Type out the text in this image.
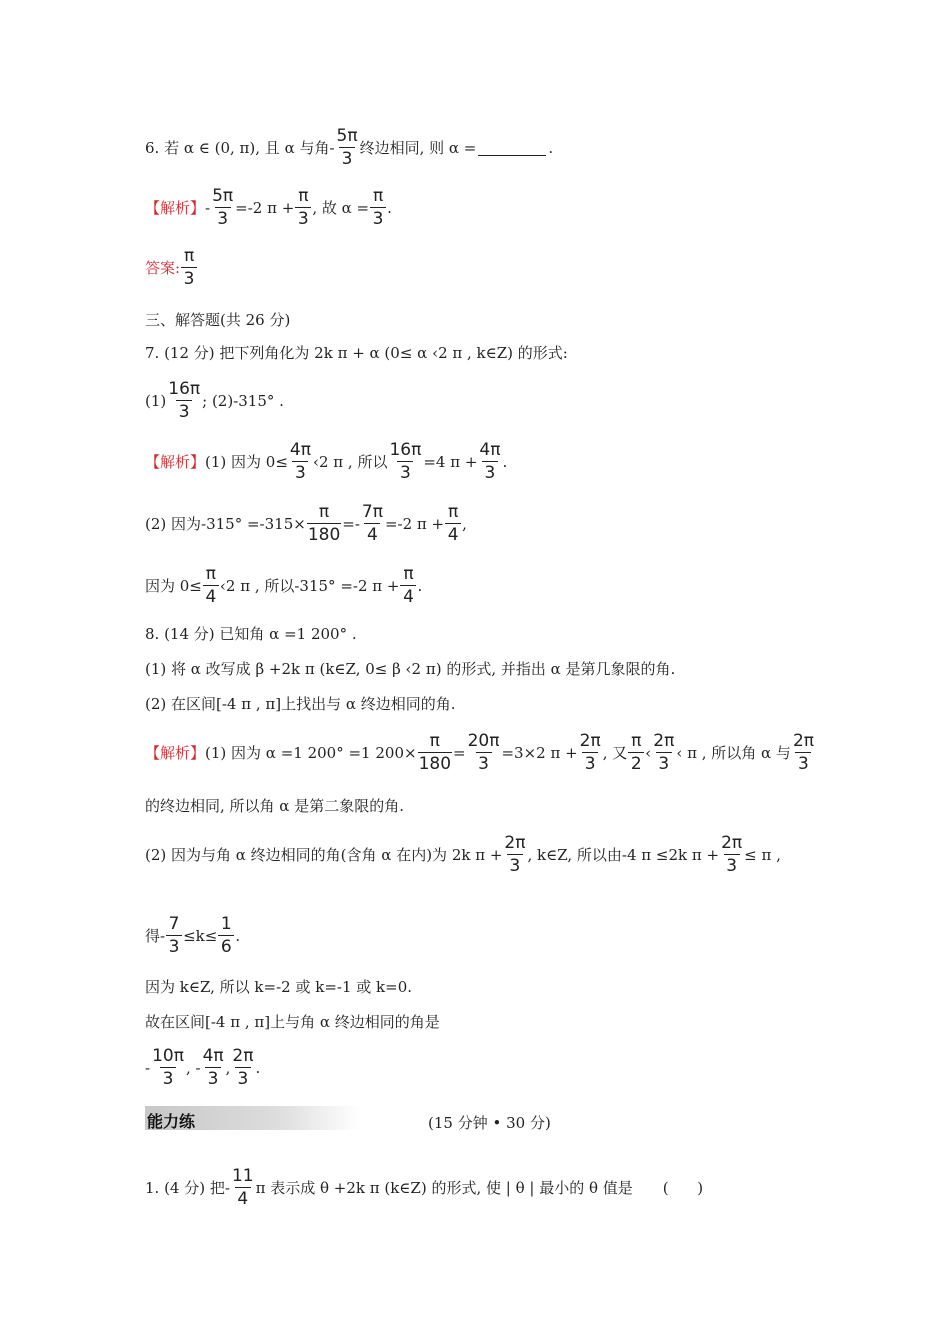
6. 若 α ∈ (0, π), 且 α 与角- $\frac{5\pi}{3}$ 终边相同, 则 α =	.
【解析】 - $\frac{5\pi}{3} =-2$ $\pi + \frac{\pi}{3}$ , 故 $\alpha = \frac{\pi}{3}$ .
答案: $\frac{\pi}{3}$
三、解答题(共 26 分)
7. (12 分) 把下列角化为 2k π + α (0≤ α ‹2 π , k∈Z) 的形式:
$(1) \frac{16\pi}{3}$ ; (2)-315° .
【解析】 (1) 因为 $0\le \frac{4\pi}{3}$ ‹2 π , 所以 $\frac{16\pi}{3} =4$ $\pi + \frac{4\pi}{3}$ .
(2) 因为$-315^\circ =-315\times \frac{\pi}{180} =- \frac{7\pi}{4} =-2$ $\pi + \frac{\pi}{4}$ ,
因为 $0\le \frac{\pi}{4}$ ‹2 π , 所以-315° =-2 $\pi + \frac{\pi}{4}$ .
8. (14 分) 已知角 α =1 200° .
(1) 将 α 改写成 β +2k π (k∈Z, 0≤ β ‹2 π) 的形式, 并指出 α 是第几象限的角.
(2) 在区间[-4 π , π]上找出与 α 终边相同的角.
【解析】 (1) 因为 α =1 200° =1 $200\times \frac{\pi}{180} = \frac{20\pi}{3} =3\times 2$ $\pi + \frac{2\pi}{3}$ , 又 $\frac{\pi}{2}$ ‹ $\frac{2\pi}{3}$ ‹ π , 所以角 α 与 $\frac{2\pi}{3}$
的终边相同, 所以角 α 是第二象限的角.
(2) 因为与角 α 终边相同的角(含角 α 在内)为 2k $\pi + \frac{2\pi}{3}$ , k∈Z, 所以由-4 π ≤2k $\pi + \frac{2\pi}{3} \le \pi$ ,
得- $\frac{7}{3} \le k\le \frac{1}{6}$ .
因为 k∈Z, 所以 k=-2 或 k=-1 或 k=0.
故在区间[-4 π , π]上与角 α 终边相同的角是
- $\frac{10\pi}{3}$ , - $\frac{4\pi}{3}$ , $\frac{2\pi}{3}$ .
能力练	(15 分钟 • 30 分)
1. (4 分) 把- $\frac{11}{4}$ π 表示成 θ +2k π (k∈Z) 的形式, 使 | θ | 最小的 θ 值是 (      )
